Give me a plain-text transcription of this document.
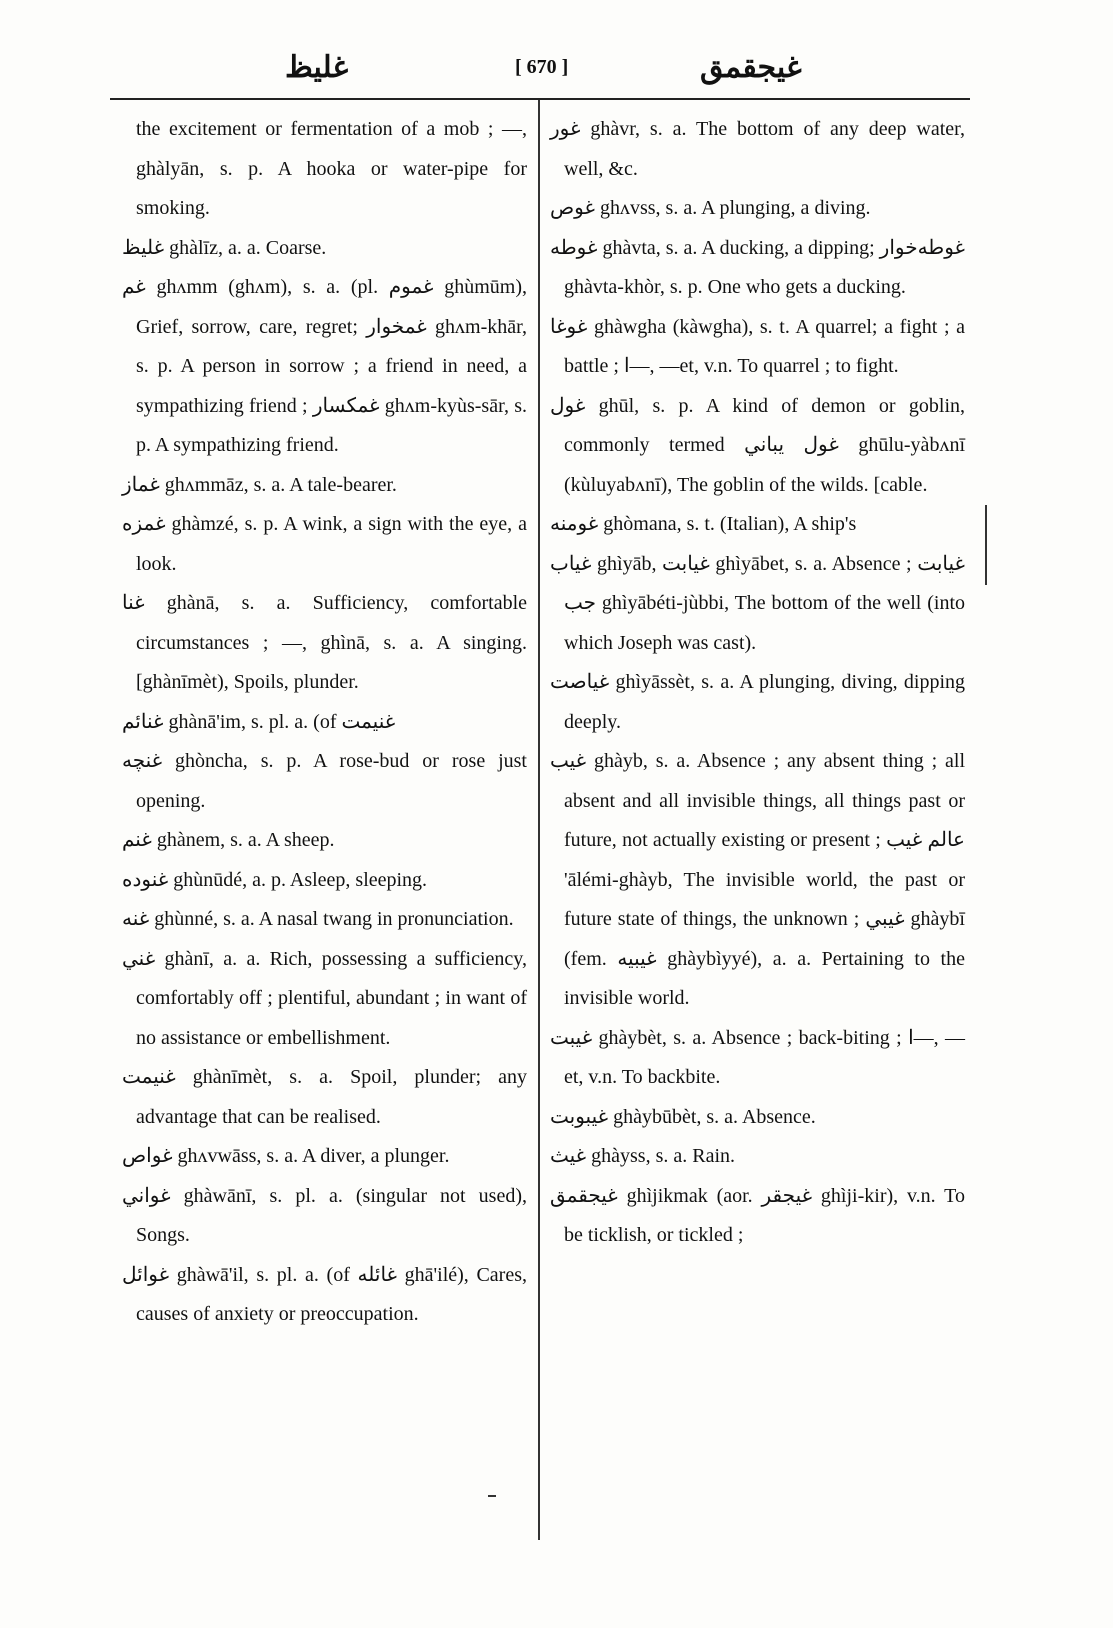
غليظ	[ 670 ]	غيجقمق

the excitement or fermentation of a mob ; —, ghàlyān, s. p. A hooka or water-pipe for smoking.

غليظ ghàlīz, a. a. Coarse.

غم ghʌmm (ghʌm), s. a. (pl. غموم ghùmūm), Grief, sorrow, care, regret; غمخوار ghʌm-khār, s. p. A person in sorrow ; a friend in need, a sympathizing friend ; غمكسار ghʌm-kyùs-sār, s. p. A sympathizing friend.

غماز ghʌmmāz, s. a. A tale-bearer.

غمزه ghàmzé, s. p. A wink, a sign with the eye, a look.

غنا ghànā, s. a. Sufficiency, comfortable circumstances ; —, ghìnā, s. a. A singing. [ghànīmèt), Spoils, plunder.

غنائم ghànā'im, s. pl. a. (of غنيمت

غنچه ghòncha, s. p. A rose-bud or rose just opening.

غنم ghànem, s. a. A sheep.

غنوده ghùnūdé, a. p. Asleep, sleeping.

غنه ghùnné, s. a. A nasal twang in pronunciation.

غني ghànī, a. a. Rich, possessing a sufficiency, comfortably off ; plentiful, abundant ; in want of no assistance or embellishment.

غنيمت ghànīmèt, s. a. Spoil, plunder; any advantage that can be realised.

غواص ghʌvwāss, s. a. A diver, a plunger.

غواني ghàwānī, s. pl. a. (singular not used), Songs.

غوائل ghàwā'il, s. pl. a. (of غائله ghā'ilé), Cares, causes of anxiety or preoccupation.

غور ghàvr, s. a. The bottom of any deep water, well, &c.

غوص ghʌvss, s. a. A plunging, a diving.

غوطه ghàvta, s. a. A ducking, a dipping; غوطه‌خوار ghàvta-khòr, s. p. One who gets a ducking.

غوغا ghàwgha (kàwgha), s. t. A quarrel; a fight ; a battle ; ا—, —et, v.n. To quarrel ; to fight.

غول ghūl, s. p. A kind of demon or goblin, commonly termed غول يباني ghūlu-yàbʌnī (kùluyabʌnī), The goblin of the wilds. [cable.

غومنه ghòmana, s. t. (Italian), A ship's

غياب ghìyāb, غيابت ghìyābet, s. a. Absence ; غيابت جب ghìyābéti-jùbbi, The bottom of the well (into which Joseph was cast).

غياصت ghìyāssèt, s. a. A plunging, diving, dipping deeply.

غيب ghàyb, s. a. Absence ; any absent thing ; all absent and all invisible things, all things past or future, not actually existing or present ; عالم غيب 'ālémi-ghàyb, The invisible world, the past or future state of things, the unknown ; غيبي ghàybī (fem. غيبيه ghàybìyyé), a. a. Pertaining to the invisible world.

غيبت ghàybèt, s. a. Absence ; back-biting ; ا—, —et, v.n. To backbite.

غيبوبت ghàybūbèt, s. a. Absence.

غيث ghàyss, s. a. Rain.

غيجقمق ghìjikmak (aor. غيجقر ghìji-kir), v.n. To be ticklish, or tickled ;
